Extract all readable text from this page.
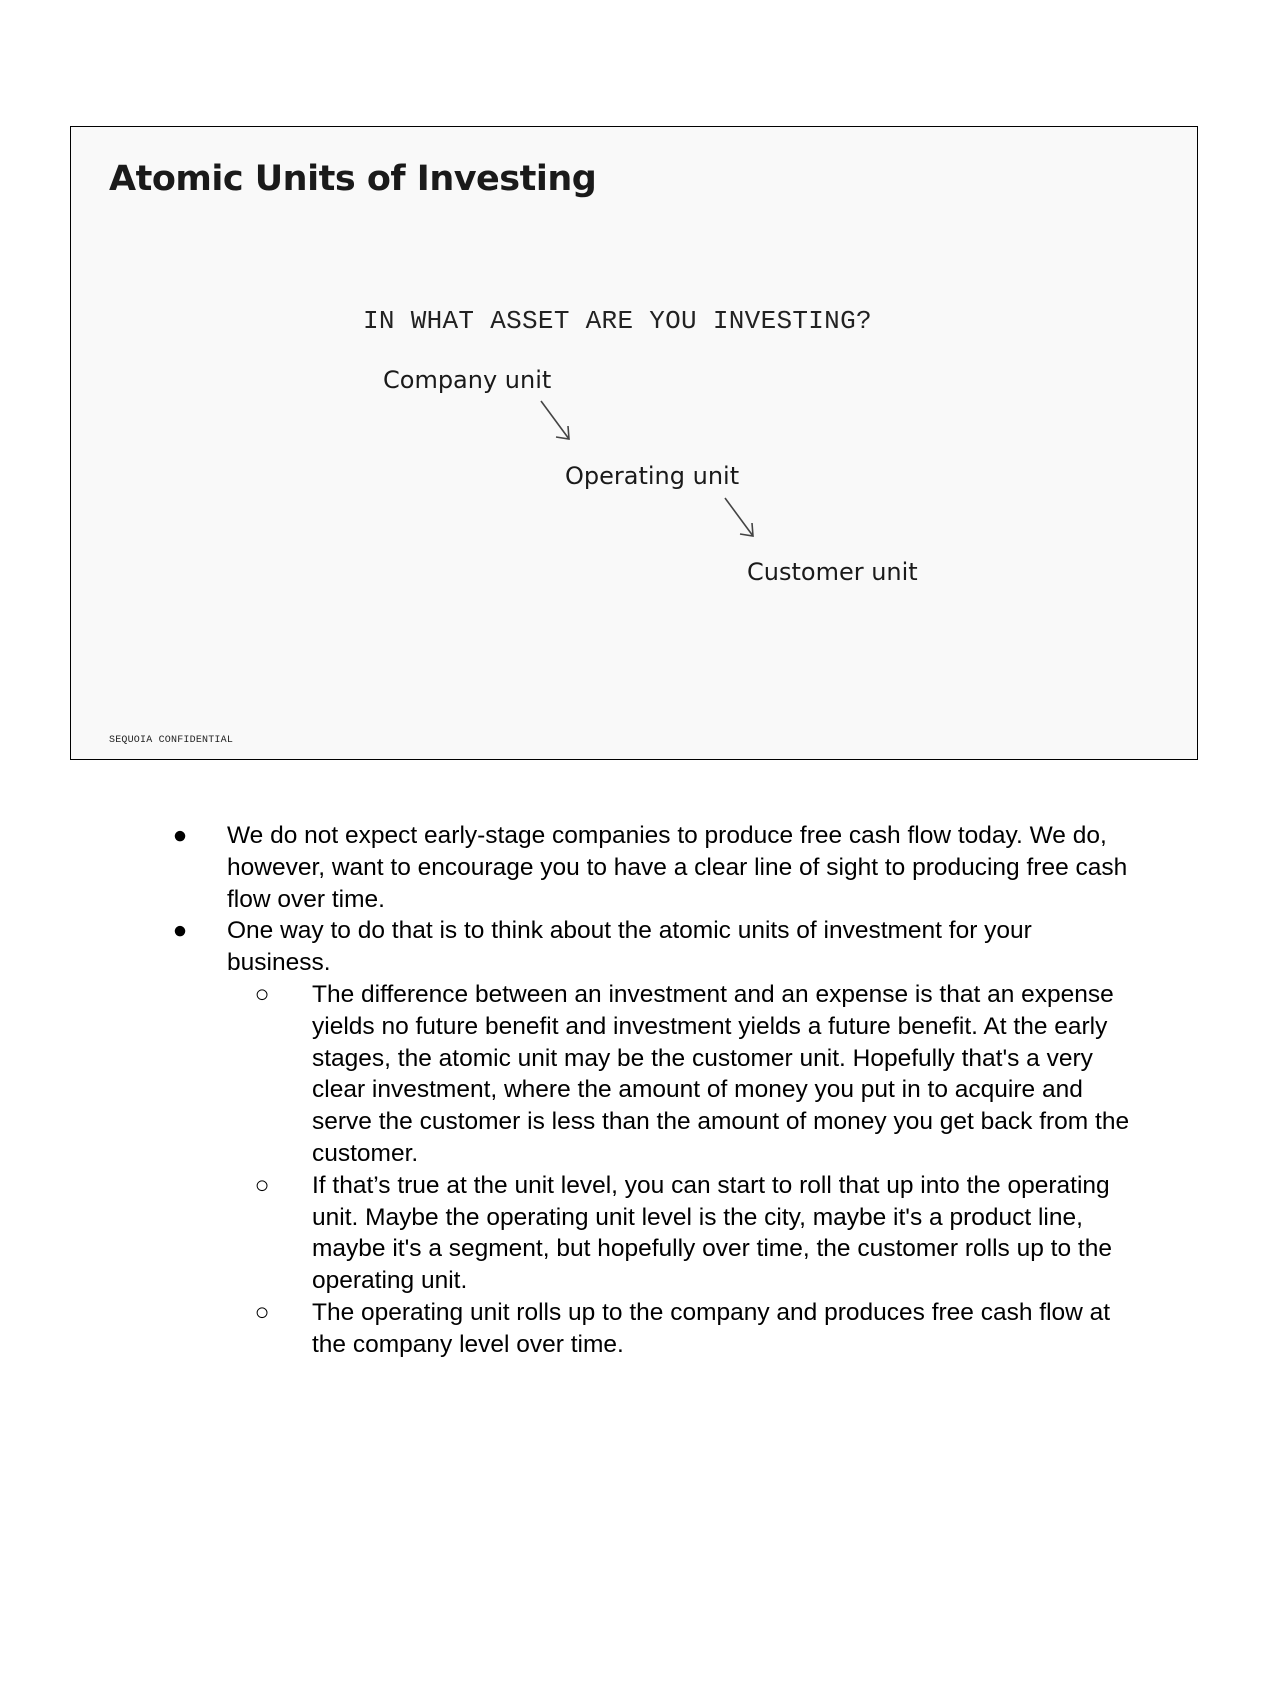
Atomic Units of Investing
IN WHAT ASSET ARE YOU INVESTING?
Company unit
Operating unit
Customer unit
SEQUOIA CONFIDENTIAL
● We do not expect early-stage companies to produce free cash flow today. We do, however, want to encourage you to have a clear line of sight to producing free cash flow over time.
● One way to do that is to think about the atomic units of investment for your business.
○ The difference between an investment and an expense is that an expense yields no future benefit and investment yields a future benefit. At the early stages, the atomic unit may be the customer unit. Hopefully that's a very clear investment, where the amount of money you put in to acquire and serve the customer is less than the amount of money you get back from the customer.
○ If that’s true at the unit level, you can start to roll that up into the operating unit. Maybe the operating unit level is the city, maybe it's a product line, maybe it's a segment, but hopefully over time, the customer rolls up to the operating unit.
○ The operating unit rolls up to the company and produces free cash flow at the company level over time.
